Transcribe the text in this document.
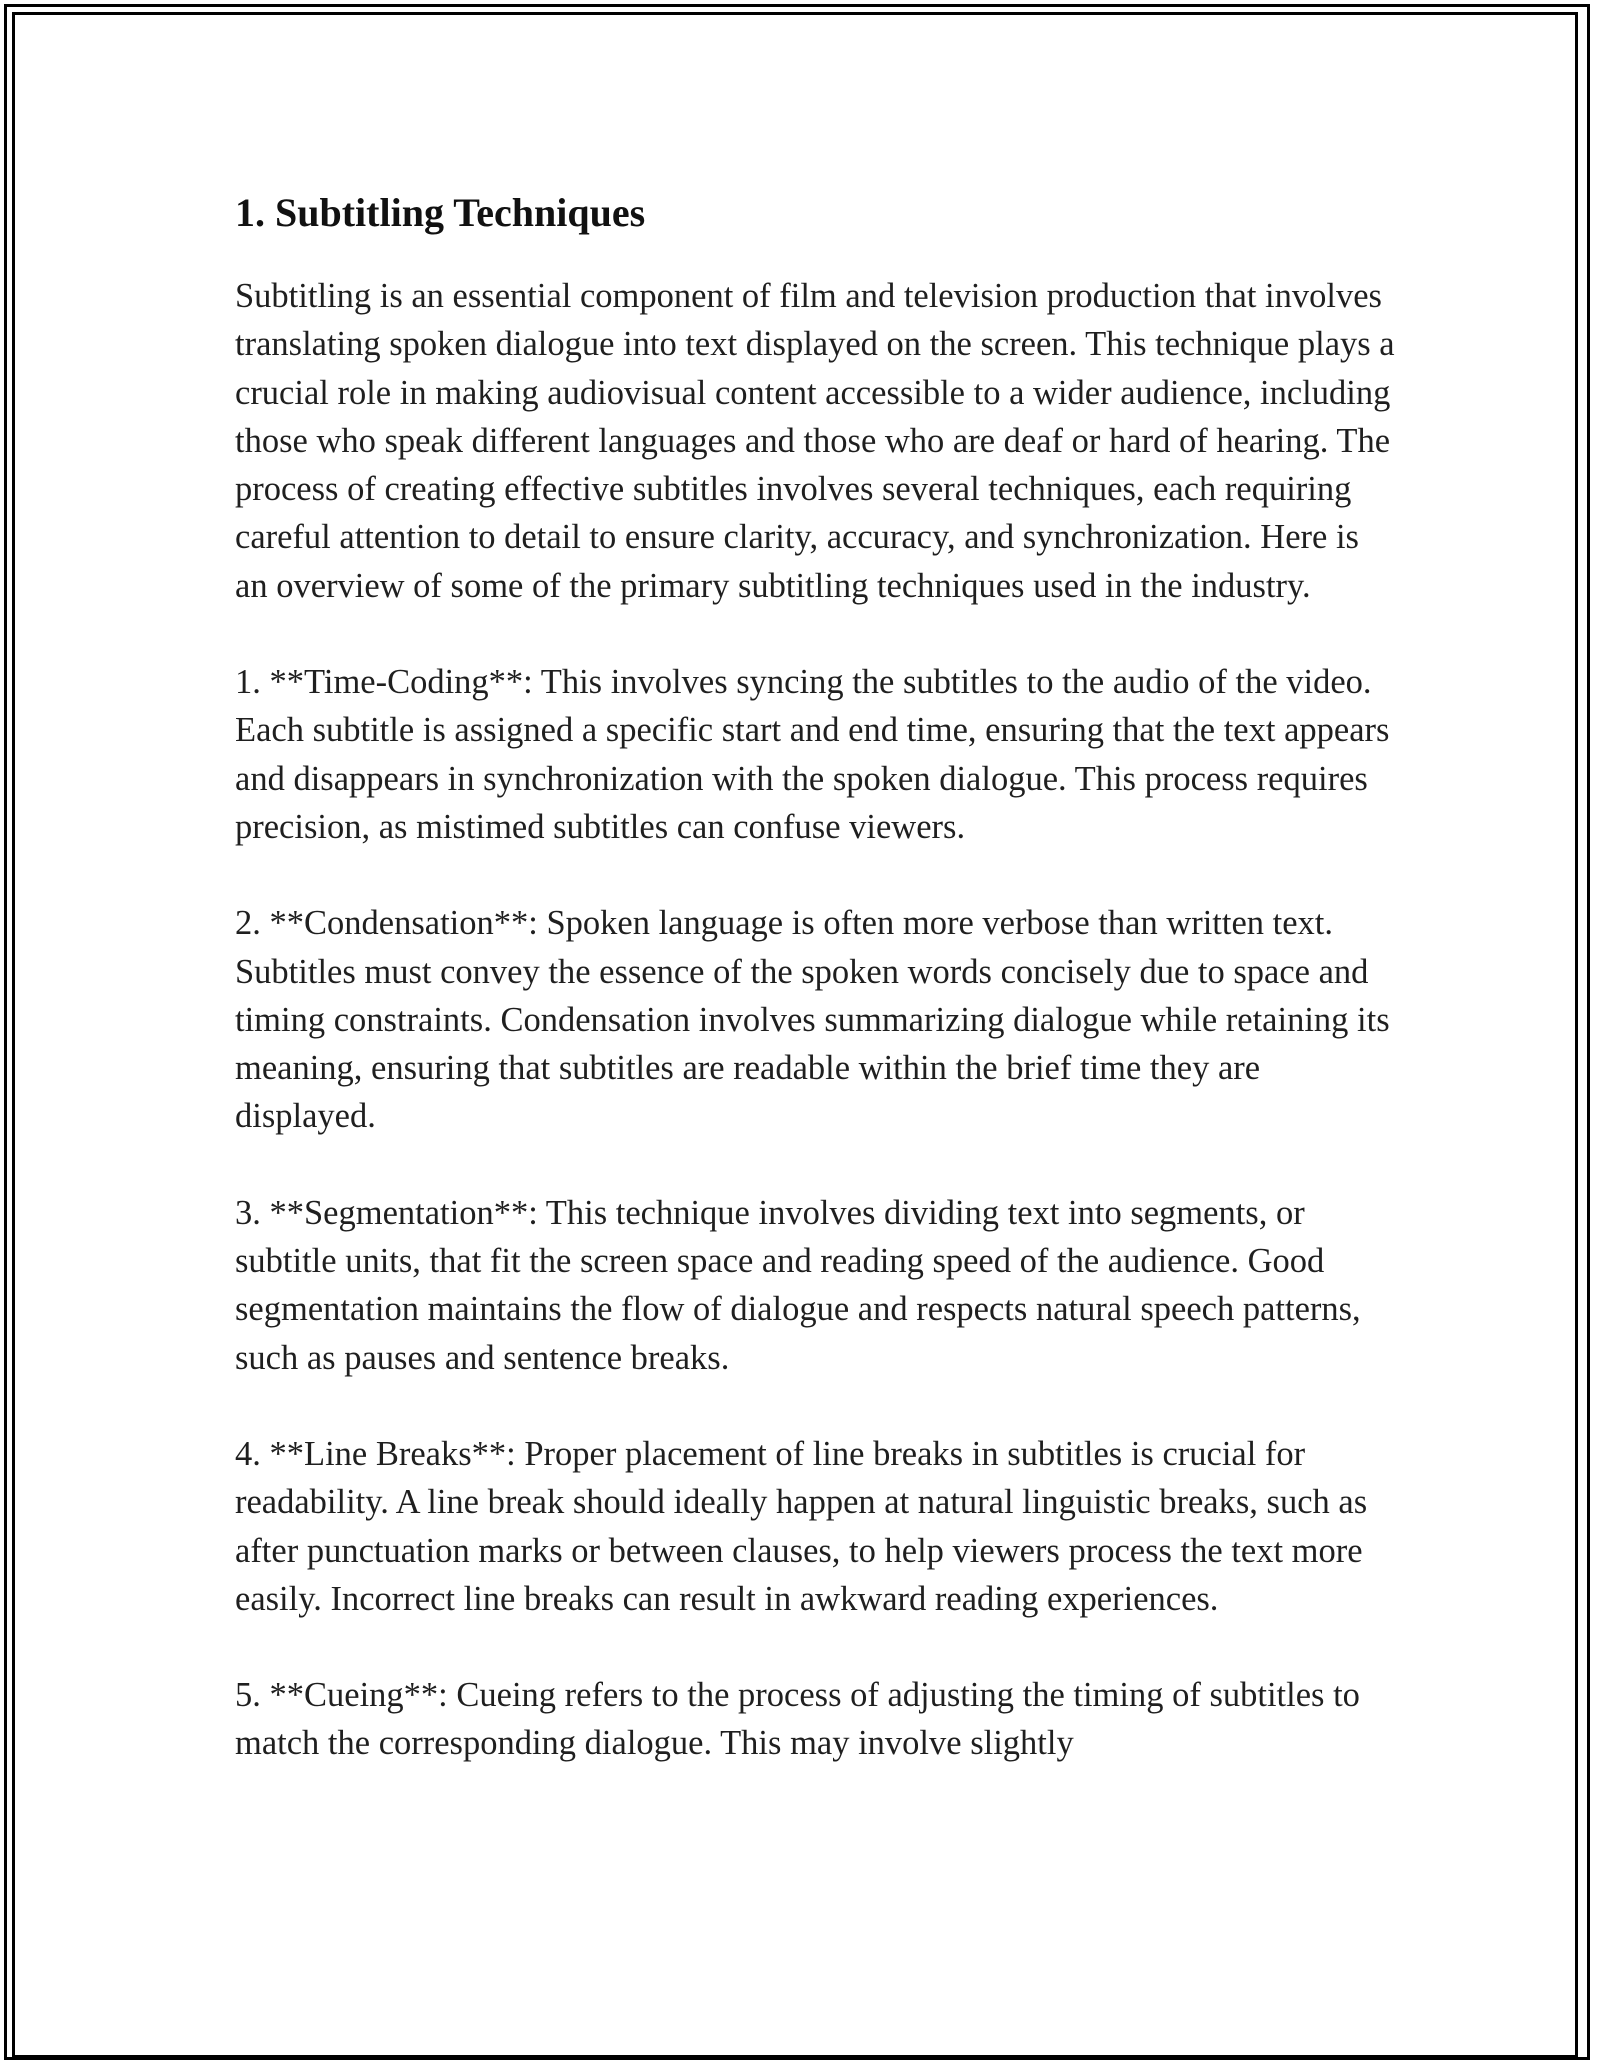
1. Subtitling Techniques

Subtitling is an essential component of film and television production that involves translating spoken dialogue into text displayed on the screen. This technique plays a crucial role in making audiovisual content accessible to a wider audience, including those who speak different languages and those who are deaf or hard of hearing. The process of creating effective subtitles involves several techniques, each requiring careful attention to detail to ensure clarity, accuracy, and synchronization. Here is an overview of some of the primary subtitling techniques used in the industry.

1. **Time-Coding**: This involves syncing the subtitles to the audio of the video. Each subtitle is assigned a specific start and end time, ensuring that the text appears and disappears in synchronization with the spoken dialogue. This process requires precision, as mistimed subtitles can confuse viewers.

2. **Condensation**: Spoken language is often more verbose than written text. Subtitles must convey the essence of the spoken words concisely due to space and timing constraints. Condensation involves summarizing dialogue while retaining its meaning, ensuring that subtitles are readable within the brief time they are displayed.

3. **Segmentation**: This technique involves dividing text into segments, or subtitle units, that fit the screen space and reading speed of the audience. Good segmentation maintains the flow of dialogue and respects natural speech patterns, such as pauses and sentence breaks.

4. **Line Breaks**: Proper placement of line breaks in subtitles is crucial for readability. A line break should ideally happen at natural linguistic breaks, such as after punctuation marks or between clauses, to help viewers process the text more easily. Incorrect line breaks can result in awkward reading experiences.

5. **Cueing**: Cueing refers to the process of adjusting the timing of subtitles to match the corresponding dialogue. This may involve slightly
